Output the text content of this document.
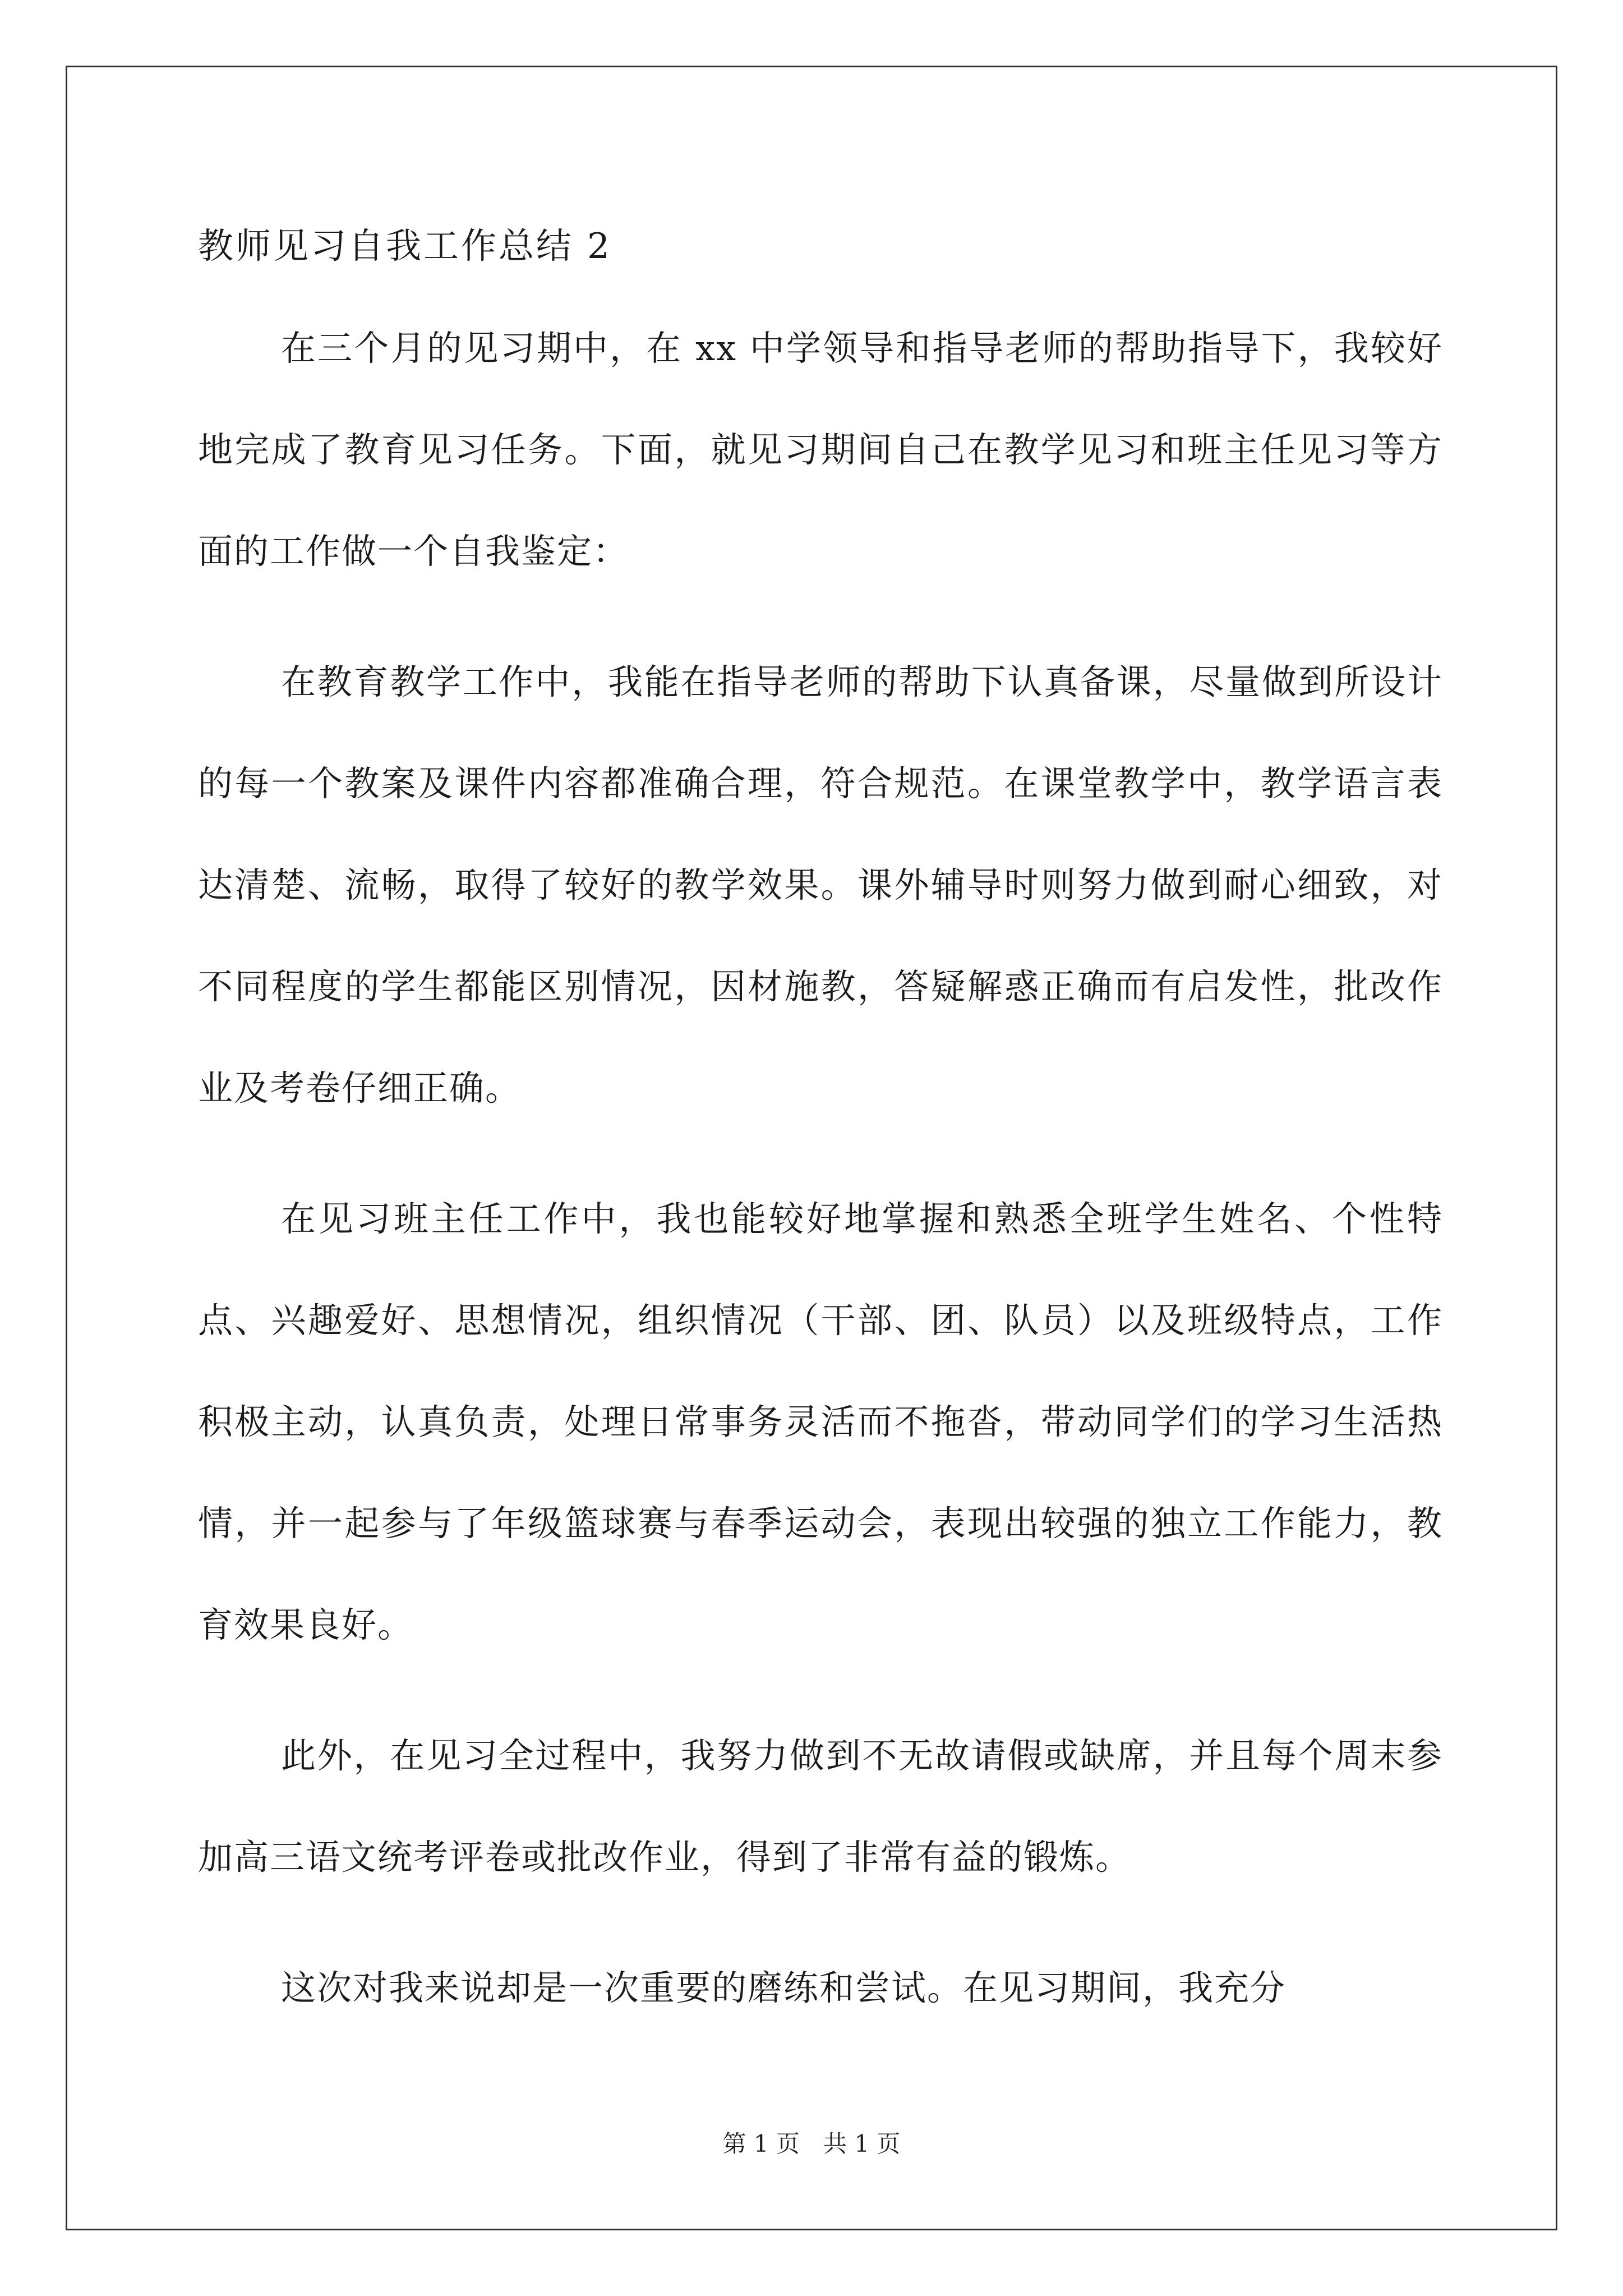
教师见习自我工作总结 2

在三个月的见习期中，在 xx 中学领导和指导老师的帮助指导下，我较好地完成了教育见习任务。下面，就见习期间自己在教学见习和班主任见习等方面的工作做一个自我鉴定：

在教育教学工作中，我能在指导老师的帮助下认真备课，尽量做到所设计的每一个教案及课件内容都准确合理，符合规范。在课堂教学中，教学语言表达清楚、流畅，取得了较好的教学效果。课外辅导时则努力做到耐心细致，对不同程度的学生都能区别情况，因材施教，答疑解惑正确而有启发性，批改作业及考卷仔细正确。

在见习班主任工作中，我也能较好地掌握和熟悉全班学生姓名、个性特点、兴趣爱好、思想情况，组织情况（干部、团、队员）以及班级特点，工作积极主动，认真负责，处理日常事务灵活而不拖沓，带动同学们的学习生活热情，并一起参与了年级篮球赛与春季运动会，表现出较强的独立工作能力，教育效果良好。

此外，在见习全过程中，我努力做到不无故请假或缺席，并且每个周末参加高三语文统考评卷或批改作业，得到了非常有益的锻炼。

这次对我来说却是一次重要的磨练和尝试。在见习期间，我充分

第 1 页　共 1 页
